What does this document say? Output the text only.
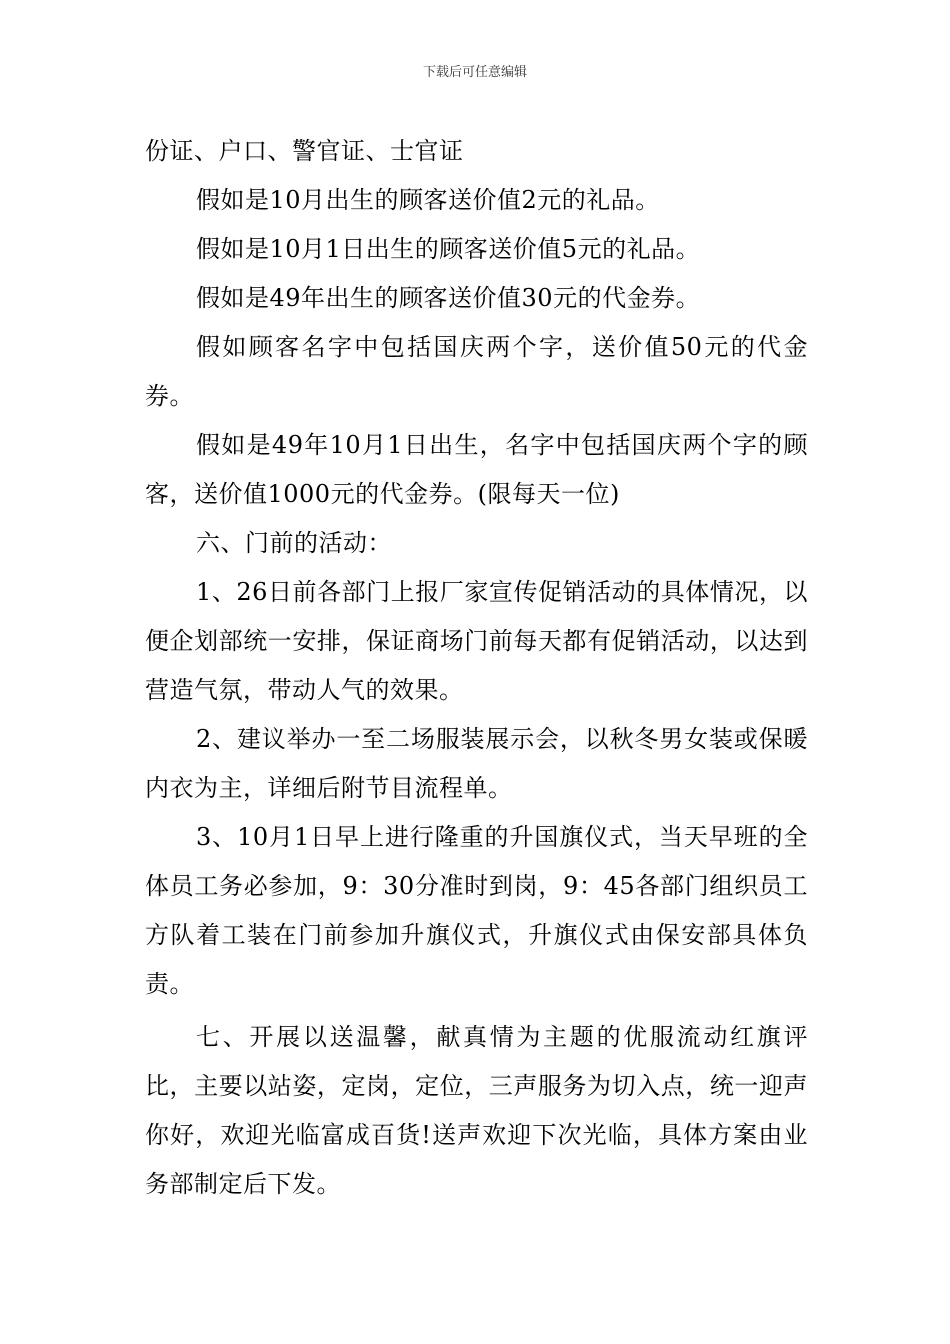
下载后可任意编辑

份证、户口、警官证、士官证

假如是10月出生的顾客送价值2元的礼品。

假如是10月1日出生的顾客送价值5元的礼品。

假如是49年出生的顾客送价值30元的代金券。

假如顾客名字中包括国庆两个字，送价值50元的代金券。

假如是49年10月1日出生，名字中包括国庆两个字的顾客，送价值1000元的代金券。(限每天一位)

六、门前的活动：

1、26日前各部门上报厂家宣传促销活动的具体情况，以便企划部统一安排，保证商场门前每天都有促销活动，以达到营造气氛，带动人气的效果。

2、建议举办一至二场服装展示会，以秋冬男女装或保暖内衣为主，详细后附节目流程单。

3、10月1日早上进行隆重的升国旗仪式，当天早班的全体员工务必参加，9：30分准时到岗，9：45各部门组织员工方队着工装在门前参加升旗仪式，升旗仪式由保安部具体负责。

七、开展以送温馨，献真情为主题的优服流动红旗评比，主要以站姿，定岗，定位，三声服务为切入点，统一迎声你好，欢迎光临富成百货!送声欢迎下次光临，具体方案由业务部制定后下发。
